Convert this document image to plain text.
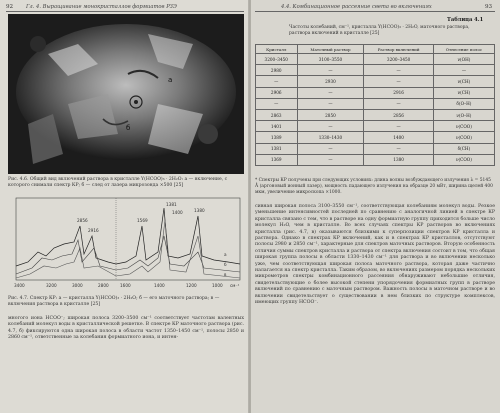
92 Гл. 4. Выращивание монокристаллов формиатов РЗЭ
а
б
Рис. 4.6. Общий вид включений раствора в кристалле Y(HCOO)₃ · 2H₂O: а — включение, с которого снимали спектр КР; б — след от лазера микрозонда ×500 [25]
2856
2916
1569
1381
1400	1380
а
б
в
3400	3200	3000	2800	1600	1400	1200	1000 см⁻¹
Рис. 4.7. Спектр КР: а — кристалла Y(HCOO)₃ · 2H₂O; б — его маточного раствора; в — включения раствора в кристалле [25]
многого иона HCOO⁻; широкая полоса 3200–3500 см⁻¹ соответствует частотам валентных колебаний молекул воды в кристаллической решетке. В спектре КР маточного раствора (рис. 4.7, б) фиксируются одна широкая полоса в области частот 1350–1450 см⁻¹, полосы 2850 и 2860 см⁻¹, ответственные за колебания формиатного иона, и интен-
4.4. Комбинационное рассеяние света во включениях	93
Таблица 4.1
Частоты колебаний, см⁻¹, кристалла Y(HCOO)₃ · 2H₂O, маточного раствора, раствора включений в кристалле [25]
Кристалл	Маточный раствор	Раствор включений	Отнесение полос
3200–3450	3100–3550	3200–3450	ν(OH)
2980	—	—	—
—	2930	—	ν(CH)
2906	—	2916	ν(CH)
—	—	—	δ(O–H)
2863	2850	2856	ν(O–H)
1401	—	—	ν(COO)
1389	1330–1430	1400	ν(COO)
1381	—	—	δ(CH)
1369	—	1380	ν(COO)
* Спектры КР получены при следующих условиях: длина волны возбуждающего излучения λ = 5145 Å (аргоновый ионный лазер), мощность падающего излучения на образце 20 мВт, ширина щелей 400 мкм, увеличение микроскопа ×1000.
сивная широкая полоса 3100–3550 см⁻¹, соответствующая колебаниям молекул воды. Резкое уменьшение интенсивностей последней по сравнению с аналогичной линией в спектре КР кристалла связано с тем, что в растворе на одну формиатную группу приходится больше число молекул H₂O, чем в кристалле. Во всех случаях спектры КР растворов во включениях кристалла (рис. 4.7, в) оказываются близкими к суперпозиции спектров КР кристалла и раствора. Однако в спектрах КР включений, как и в спектрах КР кристаллов, отсутствуют полосы 2980 и 2850 см⁻¹, характерные для спектров маточных растворов. Вторую особенность отличия суммы спектров кристалла и раствора от спектра включения состоит в том, что общая широкая группа полосы в области 1330–1430 см⁻¹ для раствора и во включении несколько уже, чем соответствующая широкая полоса маточного раствора, которая даже частично налагается на спектр кристалла. Таким образом, во включениях размером порядка нескольких микрометров спектры комбинационного рассеяния обнаруживают небольшие отличия, свидетельствующие о более высокой степени упорядочения формиатных групп в растворе включений по сравнению с маточным раствором. Важность полосы в маточном растворе и во включении свидетельствует о существовании в нем близких по структуре комплексов, имеющих группу HCOO⁻.
